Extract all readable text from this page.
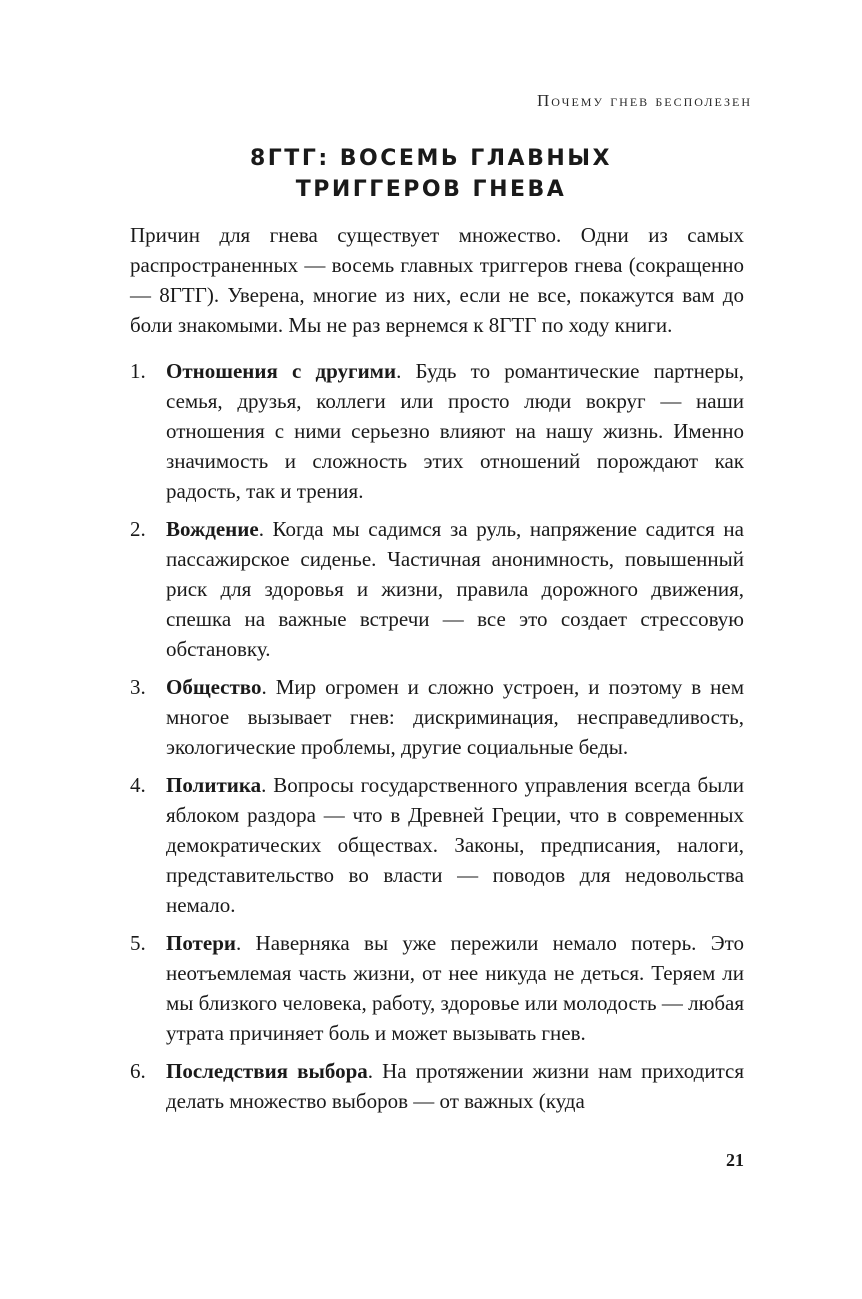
Почему гнев бесполезен
8ГТГ: ВОСЕМЬ ГЛАВНЫХ
ТРИГГЕРОВ ГНЕВА

Причин для гнева существует множество. Одни из самых распространенных — восемь главных триггеров гнева (сокращенно — 8ГТГ). Уверена, многие из них, если не все, покажутся вам до боли знакомыми. Мы не раз вернемся к 8ГТГ по ходу книги.

1. Отношения с другими. Будь то романтические партнеры, семья, друзья, коллеги или просто люди вокруг — наши отношения с ними серьезно влияют на нашу жизнь. Именно значимость и сложность этих отношений порождают как радость, так и трения.
2. Вождение. Когда мы садимся за руль, напряжение садится на пассажирское сиденье. Частичная анонимность, повышенный риск для здоровья и жизни, правила дорожного движения, спешка на важные встречи — все это создает стрессовую обстановку.
3. Общество. Мир огромен и сложно устроен, и поэтому в нем многое вызывает гнев: дискриминация, несправедливость, экологические проблемы, другие социальные беды.
4. Политика. Вопросы государственного управления всегда были яблоком раздора — что в Древней Греции, что в современных демократических обществах. Законы, предписания, налоги, представительство во власти — поводов для недовольства немало.
5. Потери. Наверняка вы уже пережили немало потерь. Это неотъемлемая часть жизни, от нее никуда не деться. Теряем ли мы близкого человека, работу, здоровье или молодость — любая утрата причиняет боль и может вызывать гнев.
6. Последствия выбора. На протяжении жизни нам приходится делать множество выборов — от важных (куда
21
